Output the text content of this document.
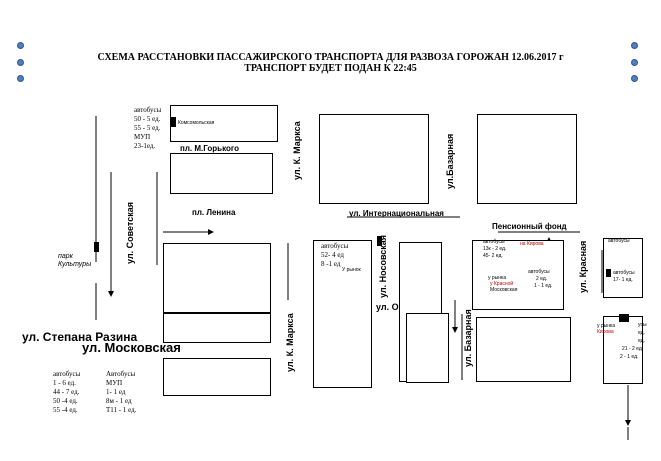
СХЕМА РАССТАНОВКИ ПАССАЖИРСКОГО ТРАНСПОРТА ДЛЯ РАЗВОЗА ГОРОЖАН 12.06.2017 г
ТРАНСПОРТ БУДЕТ ПОДАН К 22:45
автобусы
50 - 5 ед.
55 - 5 ед.
МУП
23-1ед.
Комсомольская
автобусы
52- 4 ед
8 -1 ед
У рынок
автобусы
13к - 2 ед.
45- 2 ед.
на Кирова
автобусы
2 ед.
1 - 1 ед.
у рынка
у Красной
Московская
автобусы
автобусы
17- 1 ед.
у рынка
Кирова
усы
ед.
ед.
21 - 2 ед.
2 - 1 ед.
автобусы
1 - 6 ед.
44 - 7 ед.
50 -4 ед.
55 -4 ед.
Автобусы
МУП
1- 1 ед
8м - 1 ед
Т11 - 1 ед.
парк
Культуры
пл. М.Горького
пл. Ленина	ул. Интернациональная
Пенсионный фонд
ул. О
ул. Степана Разина
ул. Московская
ул. Советская
ул. К. Маркса	ул.Базарная
ул. Носовская	ул. Красная
ул. К. Маркса	ул. Базарная
